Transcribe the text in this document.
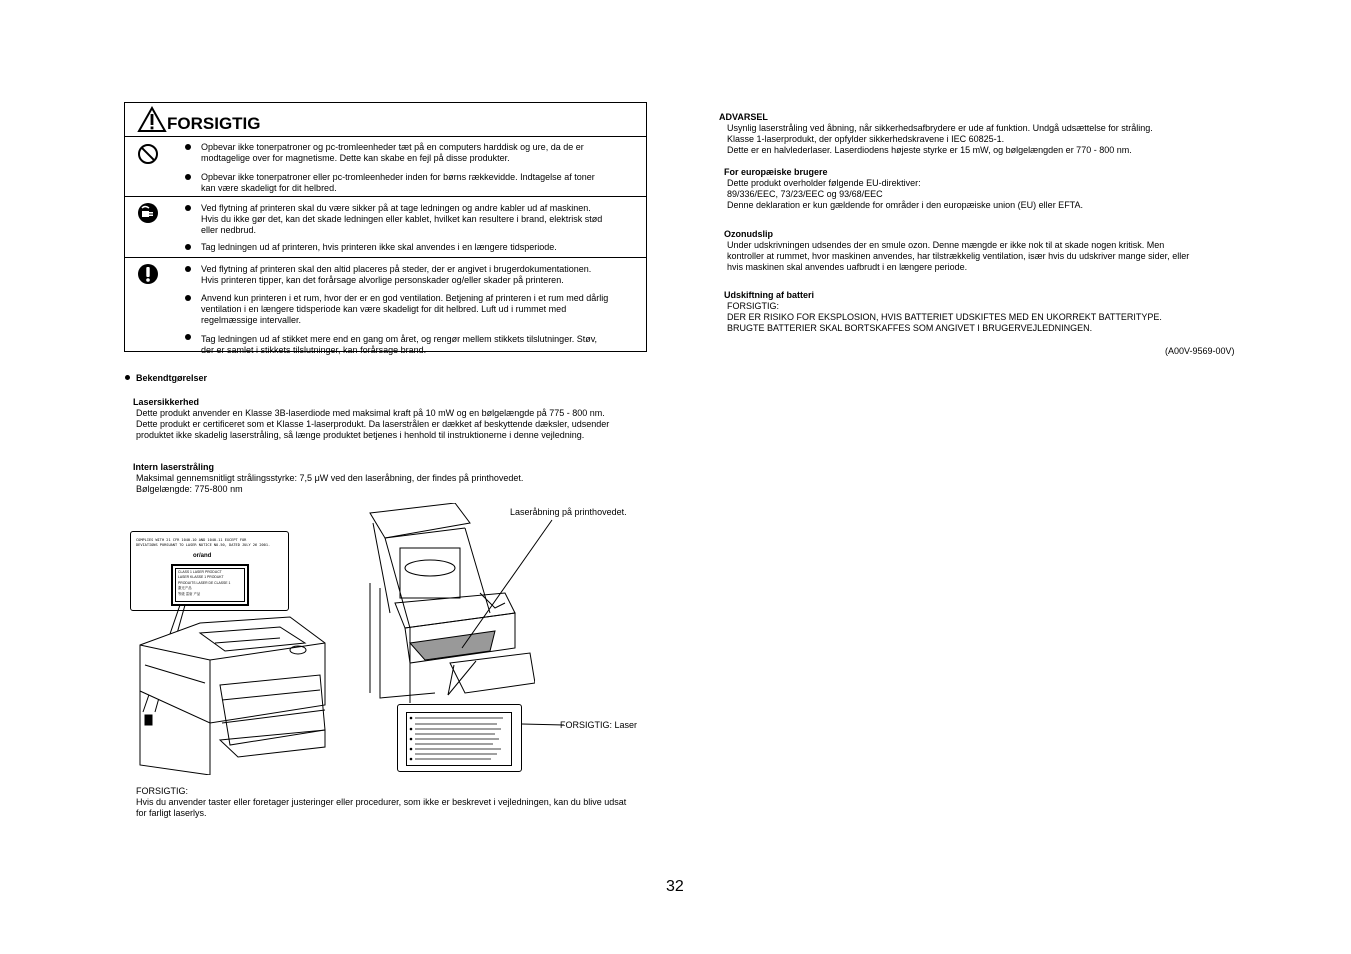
FORSIGTIG
Opbevar ikke tonerpatroner og pc-tromleenheder tæt på en computers harddisk og ure, da de er
modtagelige over for magnetisme. Dette kan skabe en fejl på disse produkter.
Opbevar ikke tonerpatroner eller pc-tromleenheder inden for børns rækkevidde. Indtagelse af toner
kan være skadeligt for dit helbred.
Ved flytning af printeren skal du være sikker på at tage ledningen og andre kabler ud af maskinen.
Hvis du ikke gør det, kan det skade ledningen eller kablet, hvilket kan resultere i brand, elektrisk stød
eller nedbrud.
Tag ledningen ud af printeren, hvis printeren ikke skal anvendes i en længere tidsperiode.
Ved flytning af printeren skal den altid placeres på steder, der er angivet i brugerdokumentationen.
Hvis printeren tipper, kan det forårsage alvorlige personskader og/eller skader på printeren.
Anvend kun printeren i et rum, hvor der er en god ventilation. Betjening af printeren i et rum med dårlig
ventilation i en længere tidsperiode kan være skadeligt for dit helbred. Luft ud i rummet med
regelmæssige intervaller.
Tag ledningen ud af stikket mere end en gang om året, og rengør mellem stikkets tilslutninger. Støv,
der er samlet i stikkets tilslutninger, kan forårsage brand.
Bekendtgørelser
Lasersikkerhed
Dette produkt anvender en Klasse 3B-laserdiode med maksimal kraft på 10 mW og en bølgelængde på 775 - 800 nm.
Dette produkt er certificeret som et Klasse 1-laserprodukt. Da laserstrålen er dækket af beskyttende dæksler, udsender
produktet ikke skadelig laserstråling, så længe produktet betjenes i henhold til instruktionerne i denne vejledning.
Intern laserstråling
Maksimal gennemsnitligt strålingsstyrke: 7,5 μW ved den laseråbning, der findes på printhovedet.
Bølgelængde: 775-800 nm
COMPLIES WITH 21 CFR 1040.10 AND 1040.11 EXCEPT FOR
DEVIATIONS PURSUANT TO LASER NOTICE NO.50, DATED JULY 26 2001.
or/and
CLASS 1 LASER PRODUCT
LASER KLASSE 1 PRODUKT
PRODUITS LASER DE CLASSE 1
激光产品
等级 雷射 产品
Laseråbning på printhovedet.
FORSIGTIG: Laser
FORSIGTIG:
Hvis du anvender taster eller foretager justeringer eller procedurer, som ikke er beskrevet i vejledningen, kan du blive udsat
for farligt laserlys.
ADVARSEL
Usynlig laserstråling ved åbning, når sikkerhedsafbrydere er ude af funktion. Undgå udsættelse for stråling.
Klasse 1-laserprodukt, der opfylder sikkerhedskravene i IEC 60825-1.
Dette er en halvlederlaser. Laserdiodens højeste styrke er 15 mW, og bølgelængden er 770 - 800 nm.
For europæiske brugere
Dette produkt overholder følgende EU-direktiver:
89/336/EEC, 73/23/EEC og 93/68/EEC
Denne deklaration er kun gældende for områder i den europæiske union (EU) eller EFTA.
Ozonudslip
Under udskrivningen udsendes der en smule ozon. Denne mængde er ikke nok til at skade nogen kritisk. Men
kontroller at rummet, hvor maskinen anvendes, har tilstrækkelig ventilation, især hvis du udskriver mange sider, eller
hvis maskinen skal anvendes uafbrudt i en længere periode.
Udskiftning af batteri
FORSIGTIG:
DER ER RISIKO FOR EKSPLOSION, HVIS BATTERIET UDSKIFTES MED EN UKORREKT BATTERITYPE.
BRUGTE BATTERIER SKAL BORTSKAFFES SOM ANGIVET I BRUGERVEJLEDNINGEN.
(A00V-9569-00V)
32
